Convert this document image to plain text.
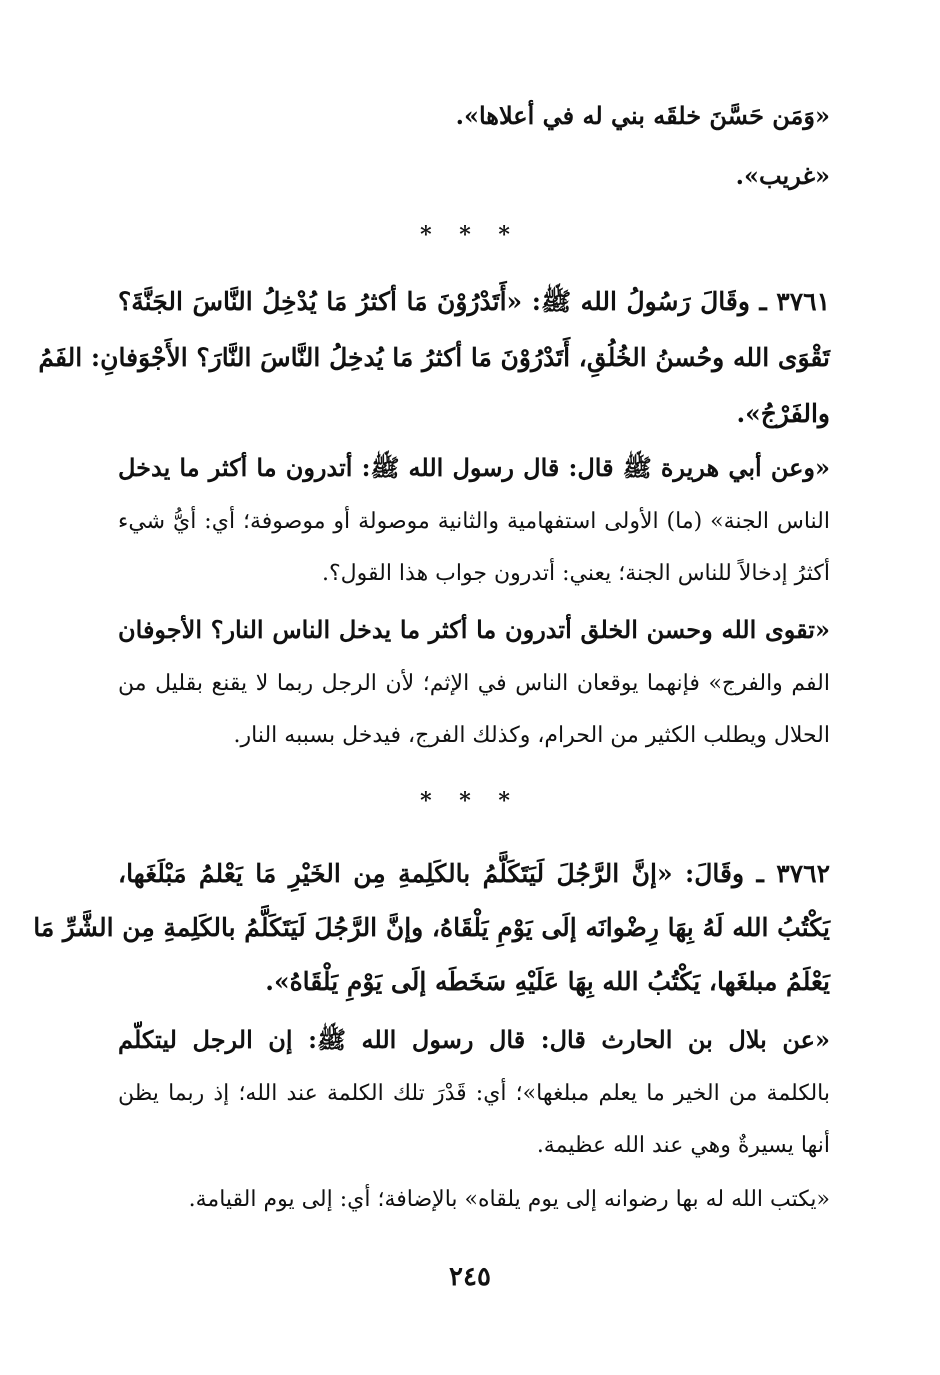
«وَمَن حَسَّنَ خلقَه بني له في أعلاها».
«غريب».
* * *
٣٧٦١ ـ وقَالَ رَسُولُ الله ﷺ: «أَتَدْرُوْنَ مَا أكثرُ مَا يُدْخِلُ النَّاسَ الجَنَّةَ؟
تَقْوَى الله وحُسنُ الخُلُقِ، أَتَدْرُوْنَ مَا أكثرُ مَا يُدخِلُ النَّاسَ النَّارَ؟ الأَجْوَفانِ: الفَمُ
والفَرْجُ».
«وعن أبي هريرة ﷺ قال: قال رسول الله ﷺ: أتدرون ما أكثر ما يدخل
الناس الجنة» (ما) الأولى استفهامية والثانية موصولة أو موصوفة؛ أي: أيُّ شيء
أكثرُ إدخالاً للناس الجنة؛ يعني: أتدرون جواب هذا القول؟.
«تقوى الله وحسن الخلق أتدرون ما أكثر ما يدخل الناس النار؟ الأجوفان
الفم والفرج» فإنهما يوقعان الناس في الإثم؛ لأن الرجل ربما لا يقنع بقليل من
الحلال ويطلب الكثير من الحرام، وكذلك الفرج، فيدخل بسببه النار.
* * *
٣٧٦٢ ـ وقَالَ: «إنَّ الرَّجُلَ لَيَتَكَلَّمُ بالكَلِمةِ مِن الخَيْرِ مَا يَعْلمُ مَبْلَغَها،
يَكْتُبُ الله لَهُ بِهَا رِضْوانَه إلَى يَوْمِ يَلْقَاهُ، وإنَّ الرَّجُلَ لَيَتَكَلَّمُ بالكَلِمةِ مِن الشَّرِّ مَا
يَعْلَمُ مبلغَها، يَكْتُبُ الله بِهَا عَلَيْهِ سَخَطَه إلَى يَوْمِ يَلْقَاهُ».
«عن بلال بن الحارث قال: قال رسول الله ﷺ: إن الرجل ليتكلّم
بالكلمة من الخير ما يعلم مبلغها»؛ أي: قَدْرَ تلك الكلمة عند الله؛ إذ ربما يظن
أنها يسيرةٌ وهي عند الله عظيمة.
«يكتب الله له بها رضوانه إلى يوم يلقاه» بالإضافة؛ أي: إلى يوم القيامة.
٢٤٥
